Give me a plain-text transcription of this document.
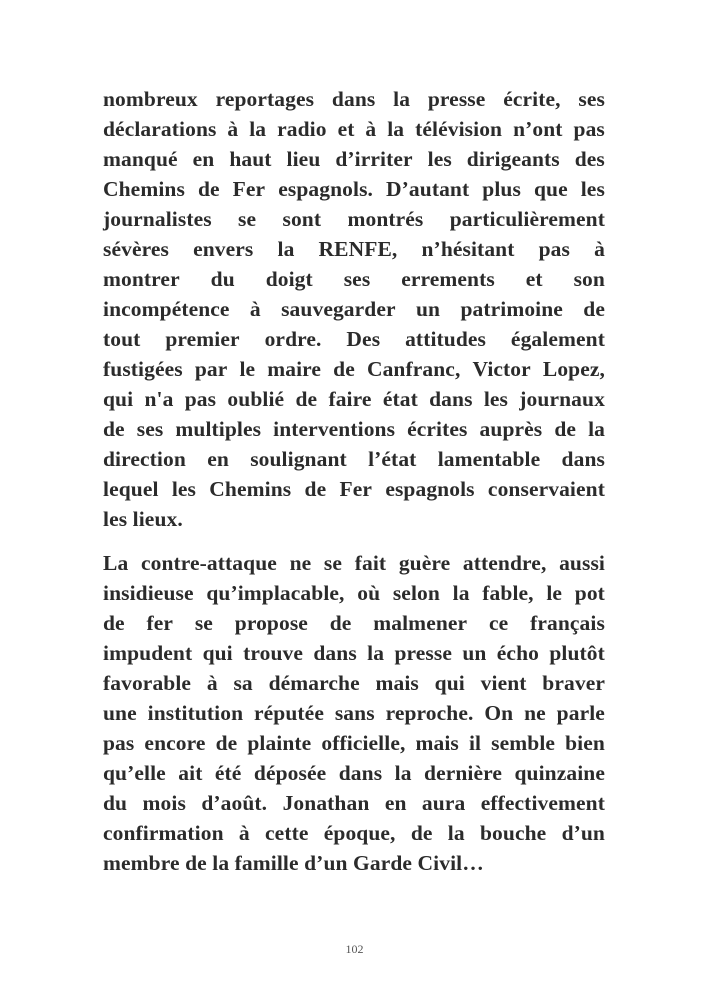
nombreux reportages dans la presse écrite, ses
déclarations à la radio et à la télévision n’ont pas
manqué en haut lieu d’irriter les dirigeants des
Chemins de Fer espagnols. D’autant plus que les
journalistes se sont montrés particulièrement
sévères envers la RENFE, n’hésitant pas à
montrer du doigt ses errements et son
incompétence à sauvegarder un patrimoine de
tout premier ordre. Des attitudes également
fustigées par le maire de Canfranc, Victor Lopez,
qui n'a pas oublié de faire état dans les journaux
de ses multiples interventions écrites auprès de la
direction en soulignant l’état lamentable dans
lequel les Chemins de Fer espagnols conservaient
les lieux.
La contre-attaque ne se fait guère attendre, aussi
insidieuse qu’implacable, où selon la fable, le pot
de fer se propose de malmener ce français
impudent qui trouve dans la presse un écho plutôt
favorable à sa démarche mais qui vient braver
une institution réputée sans reproche. On ne parle
pas encore de plainte officielle, mais il semble bien
qu’elle ait été déposée dans la dernière quinzaine
du mois d’août. Jonathan en aura effectivement
confirmation à cette époque, de la bouche d’un
membre de la famille d’un Garde Civil…
102
